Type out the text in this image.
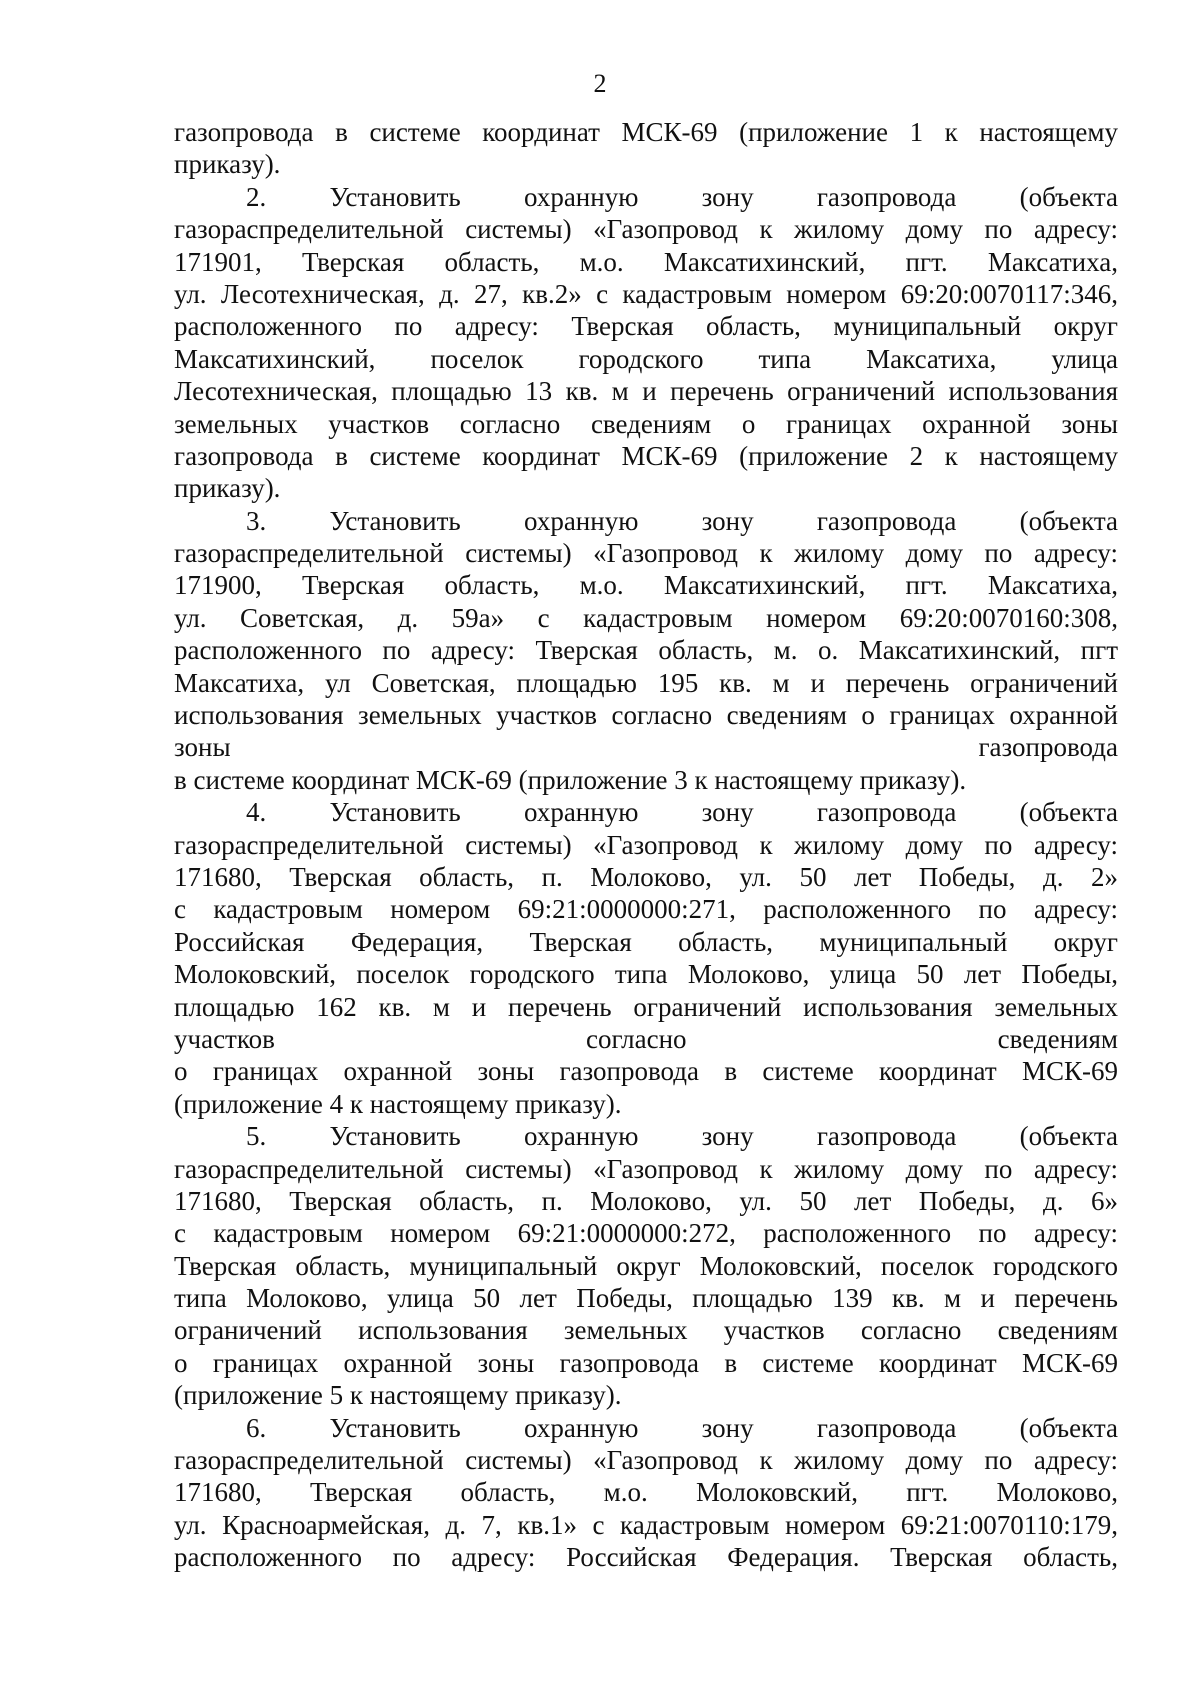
2
газопровода в системе координат МСК-69 (приложение 1 к настоящему
приказу).
2. Установить охранную зону газопровода (объекта
газораспределительной системы) «Газопровод к жилому дому по адресу:
171901, Тверская область, м.о. Максатихинский, пгт. Максатиха,
ул. Лесотехническая, д. 27, кв.2» с кадастровым номером 69:20:0070117:346,
расположенного по адресу: Тверская область, муниципальный округ
Максатихинский, поселок городского типа Максатиха, улица
Лесотехническая, площадью 13 кв. м и перечень ограничений использования
земельных участков согласно сведениям о границах охранной зоны
газопровода в системе координат МСК-69 (приложение 2 к настоящему
приказу).
3. Установить охранную зону газопровода (объекта
газораспределительной системы) «Газопровод к жилому дому по адресу:
171900, Тверская область, м.о. Максатихинский, пгт. Максатиха,
ул. Советская, д. 59а» с кадастровым номером 69:20:0070160:308,
расположенного по адресу: Тверская область, м. о. Максатихинский, пгт
Максатиха, ул Советская, площадью 195 кв. м и перечень ограничений
использования земельных участков согласно сведениям о границах охранной
зоны газопровода
в системе координат МСК-69 (приложение 3 к настоящему приказу).
4. Установить охранную зону газопровода (объекта
газораспределительной системы) «Газопровод к жилому дому по адресу:
171680, Тверская область, п. Молоково, ул. 50 лет Победы, д. 2»
с кадастровым номером 69:21:0000000:271, расположенного по адресу:
Российская Федерация, Тверская область, муниципальный округ
Молоковский, поселок городского типа Молоково, улица 50 лет Победы,
площадью 162 кв. м и перечень ограничений использования земельных
участков согласно сведениям
о границах охранной зоны газопровода в системе координат МСК-69
(приложение 4 к настоящему приказу).
5. Установить охранную зону газопровода (объекта
газораспределительной системы) «Газопровод к жилому дому по адресу:
171680, Тверская область, п. Молоково, ул. 50 лет Победы, д. 6»
с кадастровым номером 69:21:0000000:272, расположенного по адресу:
Тверская область, муниципальный округ Молоковский, поселок городского
типа Молоково, улица 50 лет Победы, площадью 139 кв. м и перечень
ограничений использования земельных участков согласно сведениям
о границах охранной зоны газопровода в системе координат МСК-69
(приложение 5 к настоящему приказу).
6. Установить охранную зону газопровода (объекта
газораспределительной системы) «Газопровод к жилому дому по адресу:
171680, Тверская область, м.о. Молоковский, пгт. Молоково,
ул. Красноармейская, д. 7, кв.1» с кадастровым номером 69:21:0070110:179,
расположенного по адресу: Российская Федерация. Тверская область,
